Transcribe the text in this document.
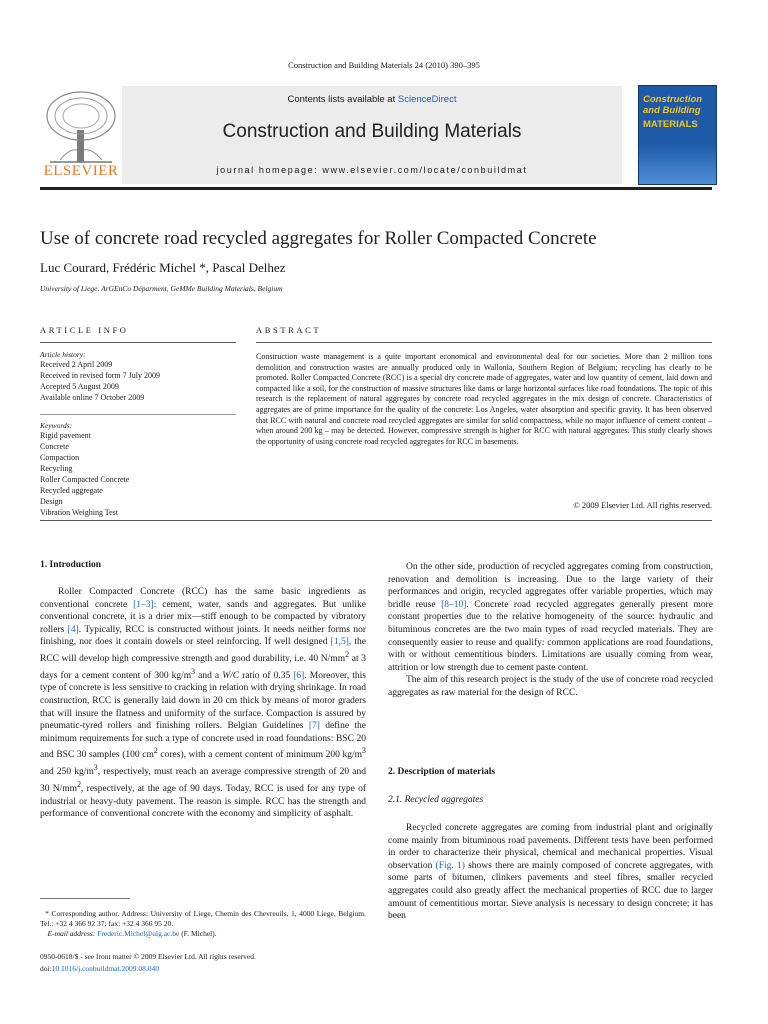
Construction and Building Materials 24 (2010) 390–395
ELSEVIER
Contents lists available at ScienceDirect
Construction and Building Materials
journal homepage: www.elsevier.com/locate/conbuildmat
Construction
and Building
MATERIALS
Use of concrete road recycled aggregates for Roller Compacted Concrete
Luc Courard, Frédéric Michel *, Pascal Delhez
University of Liege, ArGEnCo Déparment, GeMMe Building Materials, Belgium
ARTICLE INFO	ABSTRACT
Article history:
Received 2 April 2009
Received in revised form 7 July 2009
Accepted 5 August 2009
Available online 7 October 2009
Keywords:
Rigid pavement
Concrete
Compaction
Recycling
Roller Compacted Concrete
Recycled aggregate
Design
Vibration Weighing Test
Construction waste management is a quite important economical and environmental deal for our societies. More than 2 million tons demolition and construction wastes are annually produced only in Wallonia, Southern Region of Belgium; recycling has clearly to be promoted. Roller Compacted Concrete (RCC) is a special dry concrete made of aggregates, water and low quantity of cement, laid down and compacted like a soil, for the construction of massive structures like dams or large horizontal surfaces like road foundations. The topic of this research is the replacement of natural aggregates by concrete road recycled aggregates in the mix design of concrete. Characteristics of aggregates are of prime importance for the quality of the concrete: Los Angeles, water absorption and specific gravity. It has been observed that RCC with natural and concrete road recycled aggregates are similar for solid compactness, while no major influence of cement content – when around 200 kg – may be detected. However, compressive strength is higher for RCC with natural aggregates. This study clearly shows the opportunity of using concrete road recycled aggregates for RCC in basements.
© 2009 Elsevier Ltd. All rights reserved.
1. Introduction

Roller Compacted Concrete (RCC) has the same basic ingredients as conventional concrete [1–3]: cement, water, sands and aggregates. But unlike conventional concrete, it is a drier mix—stiff enough to be compacted by vibratory rollers [4]. Typically, RCC is constructed without joints. It needs neither forms nor finishing, nor does it contain dowels or steel reinforcing. If well designed [1,5], the RCC will develop high compressive strength and good durability, i.e. 40 $N/mm^2$ at 3 days for a cement content of 300 $kg/m^3$ and a W/C ratio of 0.35 [6]. Moreover, this type of concrete is less sensitive to cracking in relation with drying shrinkage. In road construction, RCC is generally laid down in 20 cm thick by means of motor graders that will insure the flatness and uniformity of the surface. Compaction is assured by pneumatic-tyred rollers and finishing rollers. Belgian Guidelines [7] define the minimum requirements for such a type of concrete used in road foundations: BSC 20 and BSC 30 samples (100 $cm^2$ cores), with a cement content of minimum 200 $kg/m^3$ and 250 $kg/m^3$, respectively, must reach an average compressive strength of 20 and 30 $N/mm^2$, respectively, at the age of 90 days. Today, RCC is used for any type of industrial or heavy-duty pavement. The reason is simple. RCC has the strength and performance of conventional concrete with the economy and simplicity of asphalt.

* Corresponding author. Address: University of Liege, Chemin des Chevreuils, 1, 4000 Liege, Belgium. Tel.: +32 4 366 92 37; fax: +32 4 366 95 20.
E-mail address: Frederic.Michel@ulg.ac.be (F. Michel).
0950-0618/$ - see front matter © 2009 Elsevier Ltd. All rights reserved.
doi:10.1016/j.conbuildmat.2009.08.040

On the other side, production of recycled aggregates coming from construction, renovation and demolition is increasing. Due to the large variety of their performances and origin, recycled aggregates offer variable properties, which may bridle reuse [8–10]. Concrete road recycled aggregates generally present more constant properties due to the relative homogeneity of the source: hydraulic and bituminous concretes are the two main types of road recycled materials. They are consequently easier to reuse and qualify: common applications are road foundations, with or without cementitious binders. Limitations are usually coming from wear, attrition or low strength due to cement paste content.

The aim of this research project is the study of the use of concrete road recycled aggregates as raw material for the design of RCC.

2. Description of materials
2.1. Recycled aggregates

Recycled concrete aggregates are coming from industrial plant and originally come mainly from bituminous road pavements. Different tests have been performed in order to characterize their physical, chemical and mechanical properties. Visual observation (Fig. 1) shows there are mainly composed of concrete aggregates, with some parts of bitumen, clinkers pavements and steel fibres, smaller recycled aggregates could also greatly affect the mechanical properties of RCC due to larger amount of cementitious mortar. Sieve analysis is necessary to design concrete; it has been
